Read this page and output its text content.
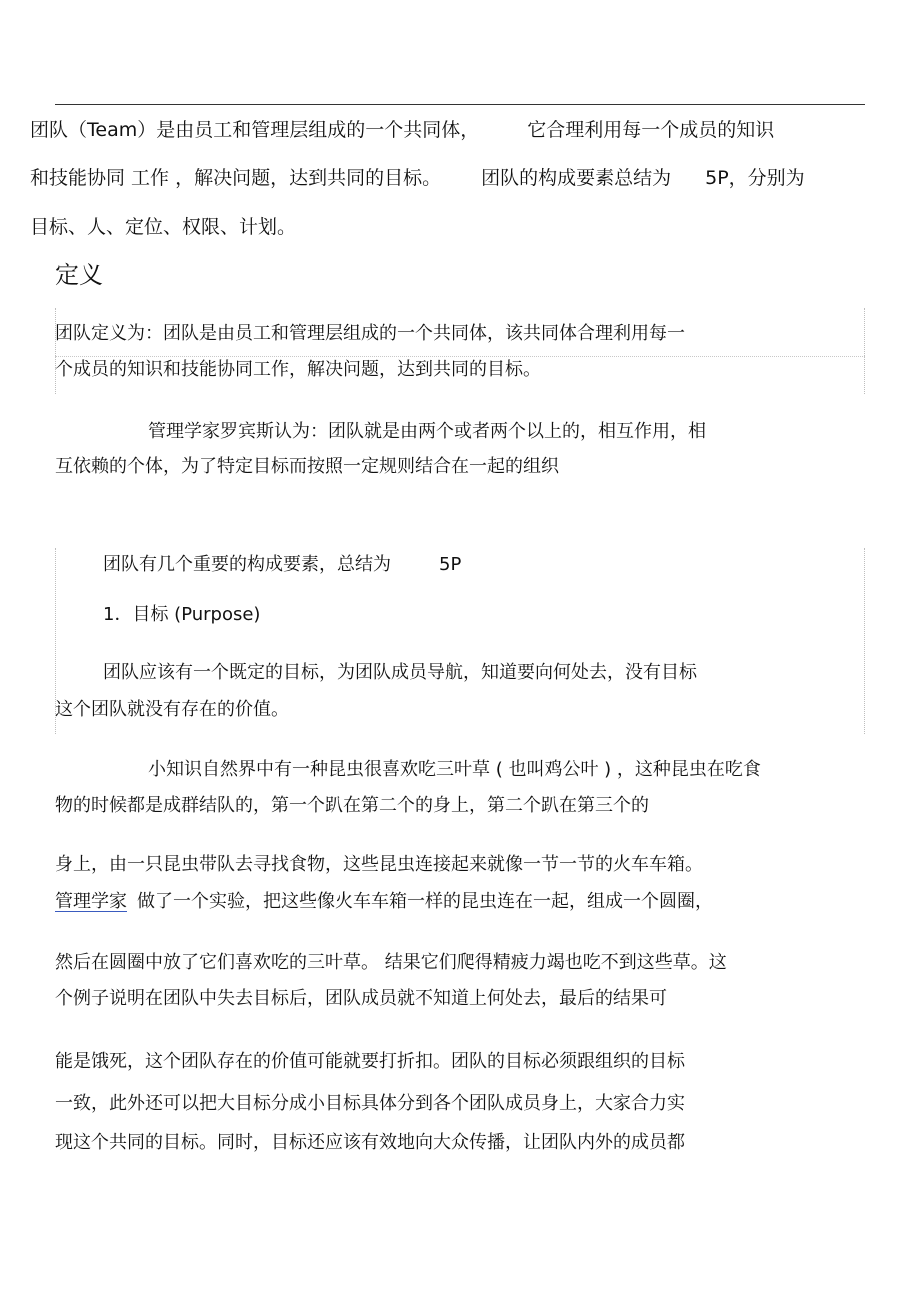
团队（Team）是由员工和管理层组成的一个共同体，	它合理利用每一个成员的知识
和技能协同 工作 ，解决问题，达到共同的目标。 团队的构成要素总结为 5P，分别为
目标、人、定位、权限、计划。
定义
团队定义为：团队是由员工和管理层组成的一个共同体，该共同体合理利用每一
个成员的知识和技能协同工作，解决问题，达到共同的目标。
管理学家罗宾斯认为：团队就是由两个或者两个以上的，相互作用，相
互依赖的个体，为了特定目标而按照一定规则结合在一起的组织
团队有几个重要的构成要素，总结为	5P
1．目标 (Purpose)
团队应该有一个既定的目标，为团队成员导航，知道要向何处去，没有目标
这个团队就没有存在的价值。
小知识自然界中有一种昆虫很喜欢吃三叶草 ( 也叫鸡公叶 ) ，这种昆虫在吃食
物的时候都是成群结队的，第一个趴在第二个的身上，第二个趴在第三个的
身上，由一只昆虫带队去寻找食物，这些昆虫连接起来就像一节一节的火车车箱。
管理学家 做了一个实验，把这些像火车车箱一样的昆虫连在一起，组成一个圆圈，
然后在圆圈中放了它们喜欢吃的三叶草。 结果它们爬得精疲力竭也吃不到这些草。这
个例子说明在团队中失去目标后，团队成员就不知道上何处去，最后的结果可
能是饿死，这个团队存在的价值可能就要打折扣。团队的目标必须跟组织的目标
一致，此外还可以把大目标分成小目标具体分到各个团队成员身上，大家合力实
现这个共同的目标。同时，目标还应该有效地向大众传播，让团队内外的成员都
